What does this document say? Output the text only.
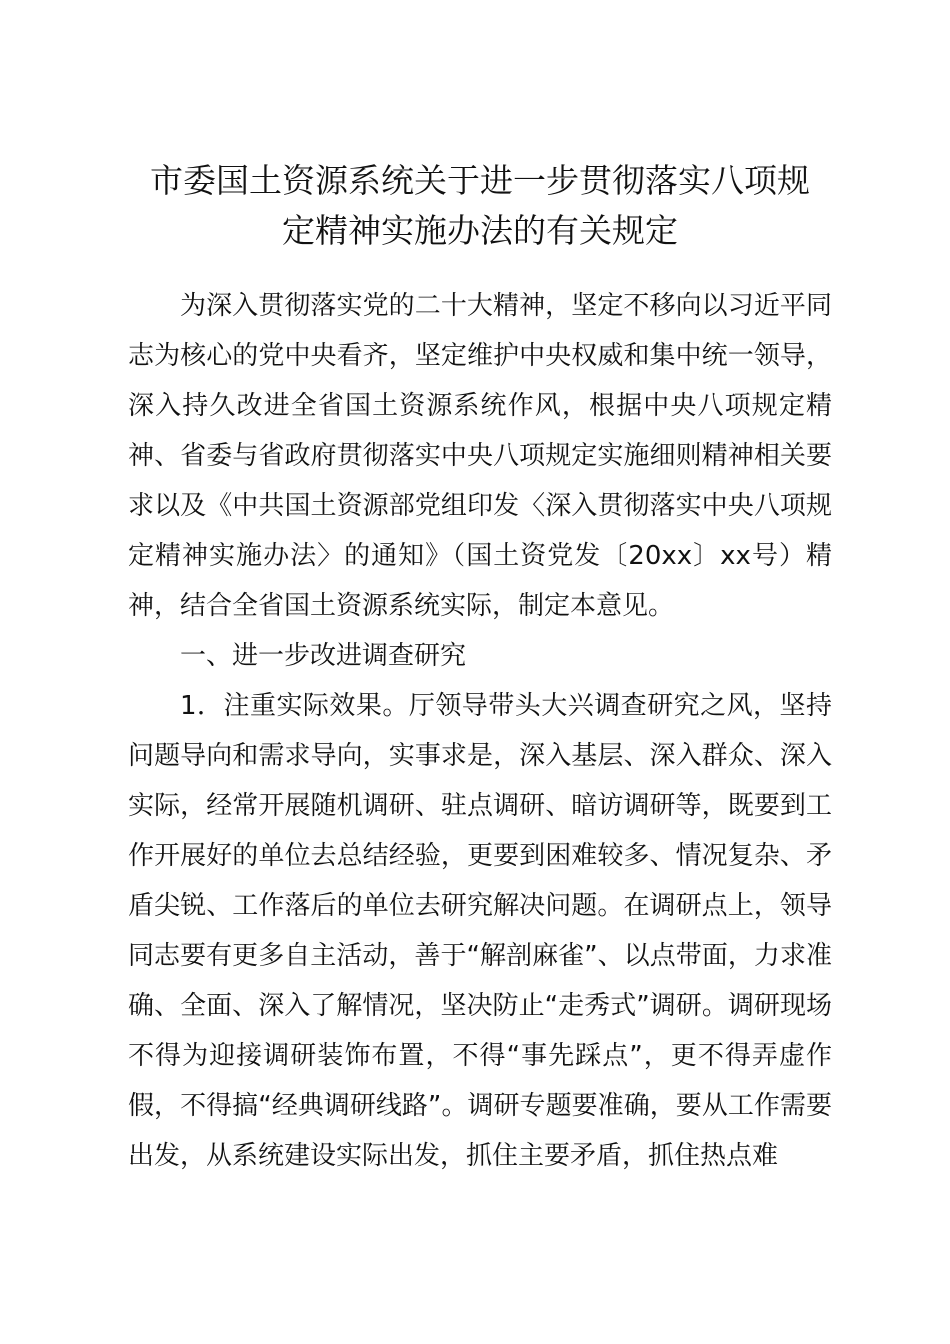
市委国土资源系统关于进一步贯彻落实八项规
定精神实施办法的有关规定

为深入贯彻落实党的二十大精神，坚定不移向以习近平同志为核心的党中央看齐，坚定维护中央权威和集中统一领导，深入持久改进全省国土资源系统作风，根据中央八项规定精神、省委与省政府贯彻落实中央八项规定实施细则精神相关要求以及《中共国土资源部党组印发〈深入贯彻落实中央八项规定精神实施办法〉的通知》（国土资党发〔20xx〕xx号）精神，结合全省国土资源系统实际，制定本意见。

一、进一步改进调查研究

1．注重实际效果。厅领导带头大兴调查研究之风，坚持问题导向和需求导向，实事求是，深入基层、深入群众、深入实际，经常开展随机调研、驻点调研、暗访调研等，既要到工作开展好的单位去总结经验，更要到困难较多、情况复杂、矛盾尖锐、工作落后的单位去研究解决问题。在调研点上，领导同志要有更多自主活动，善于“解剖麻雀”、以点带面，力求准确、全面、深入了解情况，坚决防止“走秀式”调研。调研现场不得为迎接调研装饰布置，不得“事先踩点”，更不得弄虚作假，不得搞“经典调研线路”。调研专题要准确，要从工作需要出发，从系统建设实际出发，抓住主要矛盾，抓住热点难
